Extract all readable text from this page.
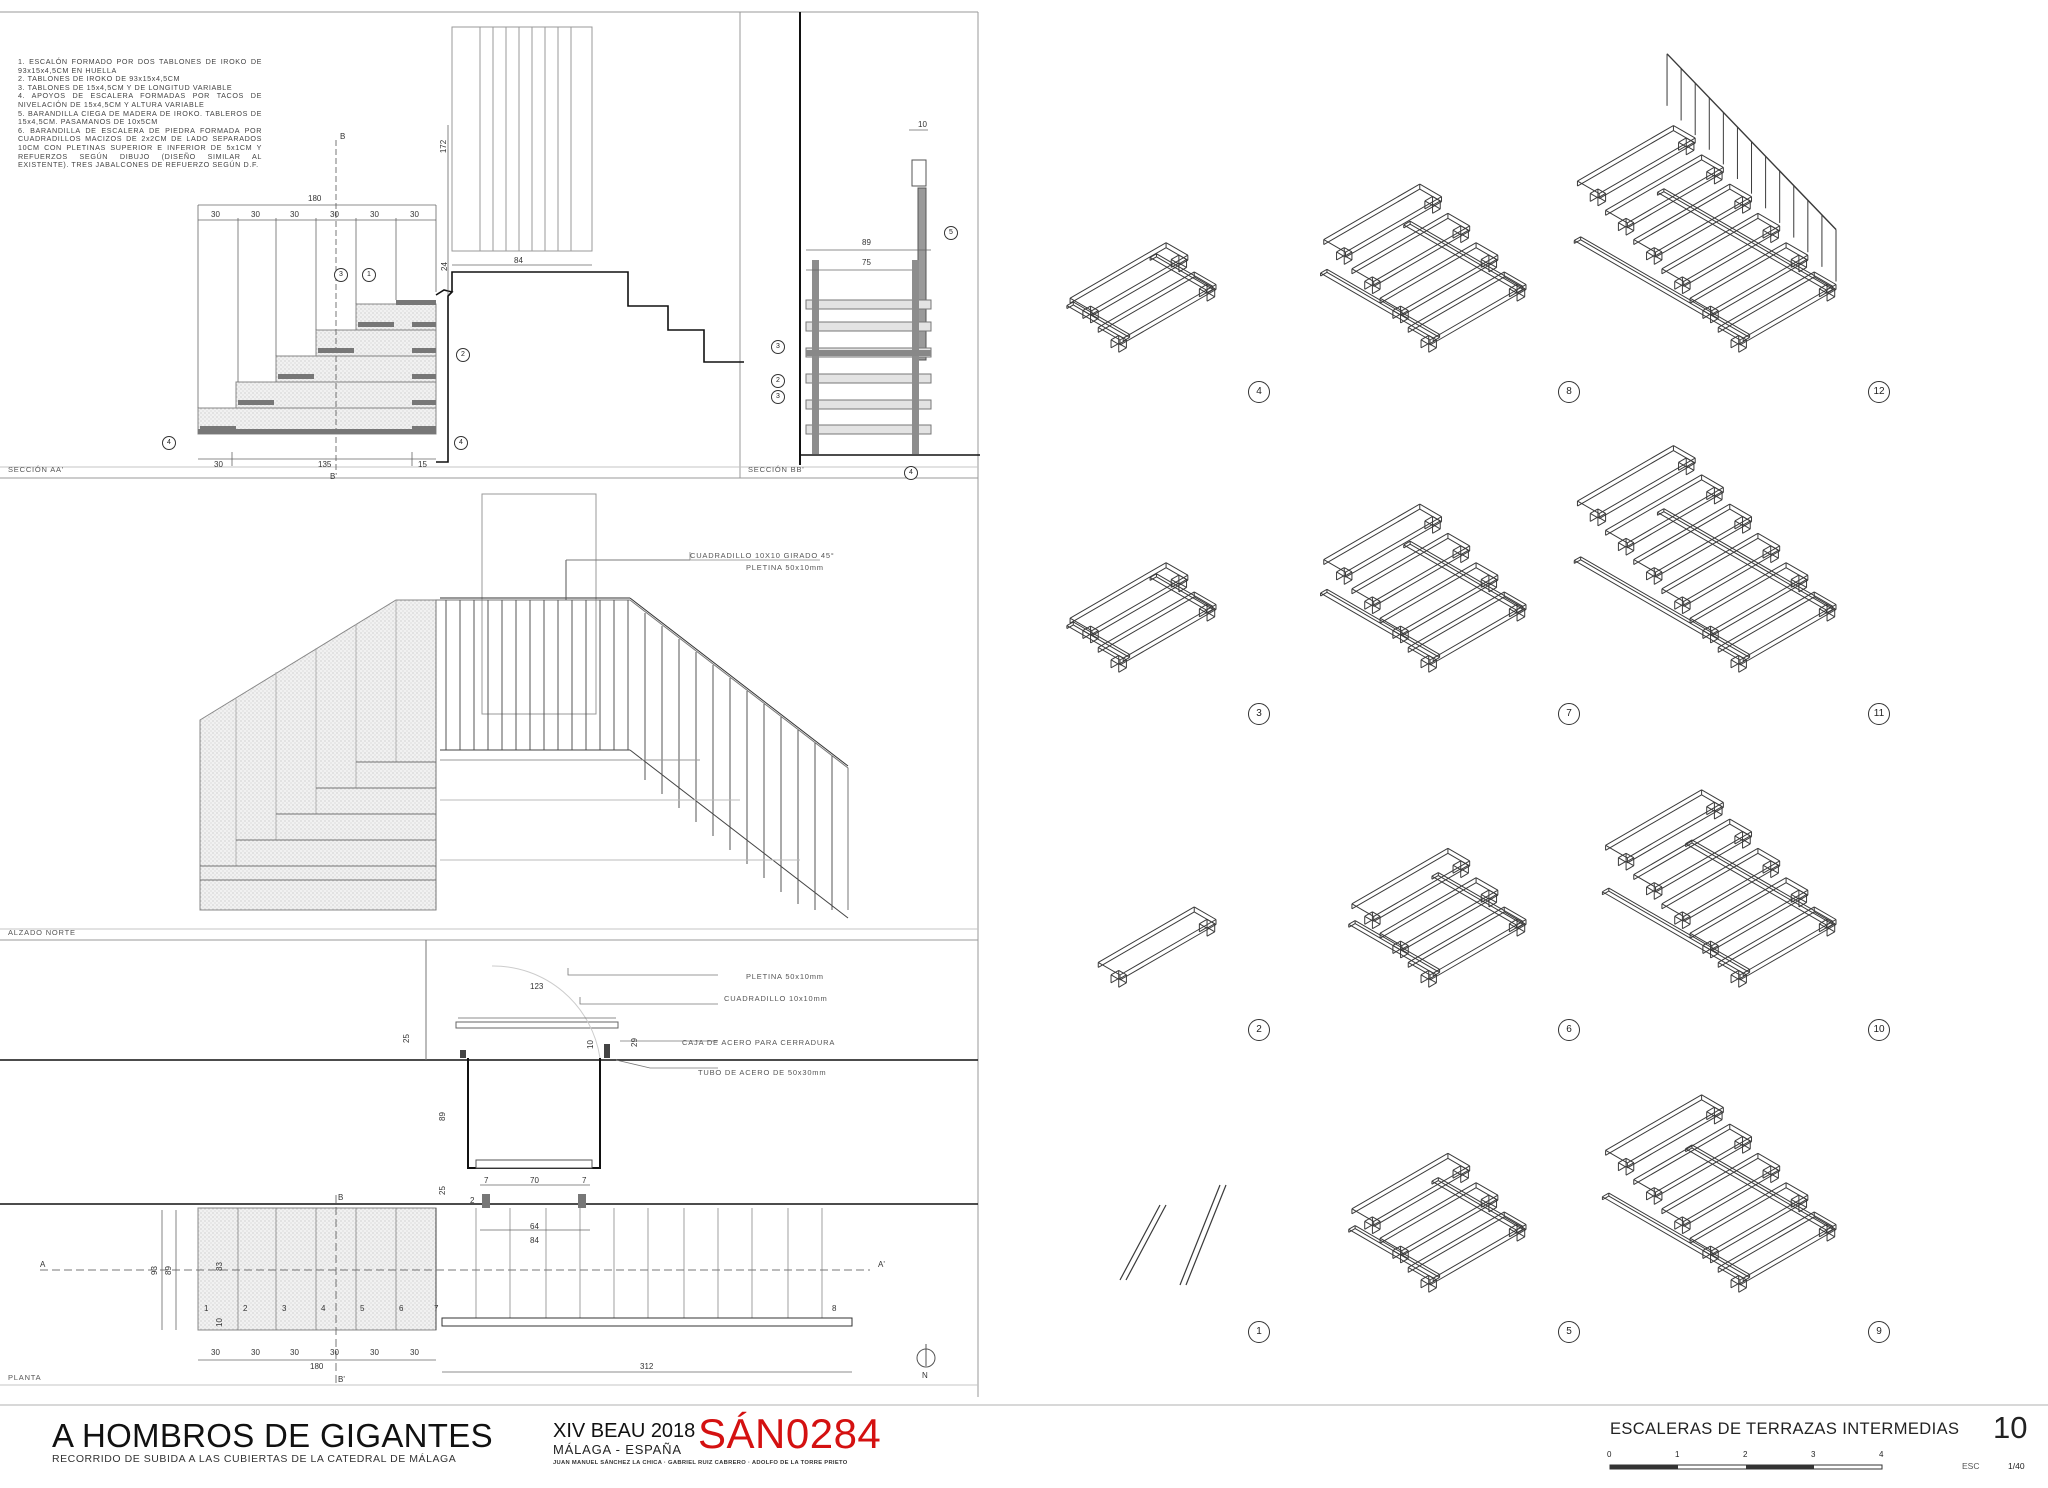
1. ESCALÓN FORMADO POR DOS TABLONES DE IROKO DE 93x15x4,5CM EN HUELLA
2. TABLONES DE IROKO DE 93x15x4,5CM
3. TABLONES DE 15x4,5CM Y DE LONGITUD VARIABLE
4. APOYOS DE ESCALERA FORMADAS POR TACOS DE NIVELACIÓN DE 15x4,5CM Y ALTURA VARIABLE
5. BARANDILLA CIEGA DE MADERA DE IROKO. TABLEROS DE 15x4,5CM. PASAMANOS DE 10x5CM
6. BARANDILLA DE ESCALERA DE PIEDRA FORMADA POR CUADRADILLOS MACIZOS DE 2x2CM DE LADO SEPARADOS 10CM CON PLETINAS SUPERIOR E INFERIOR DE 5x1CM Y REFUERZOS SEGÚN DIBUJO (DISEÑO SIMILAR AL EXISTENTE). TRES JABALCONES DE REFUERZO SEGÚN D.F.
SECCIÓN AA'	SECCIÓN BB'
ALZADO NORTE
PLANTA
180
30	30	30	30	30	30
30	135	15
172
24
84
B
B'
3	1
2
4	4
10
89
75
5
3
2
3
4
CUADRADILLO 10X10 GIRADO 45°
PLETINA 50x10mm
PLETINA 50x10mm
CUADRADILLO 10x10mm
CAJA DE ACERO PARA CERRADURA
TUBO DE ACERO DE 50x30mm
123
25
10	29
89
25
7	70	7
2
64
84
93 89	83
10
1	2	3	4	5	6	7	8
30	30	30	30	30	30
180	312
A	A'
B
B'	N
4	8	12
3	7	11
2	6	10
1	5	9
A HOMBROS DE GIGANTES
RECORRIDO DE SUBIDA A LAS CUBIERTAS DE LA CATEDRAL DE MÁLAGA
XIV BEAU 2018
MÁLAGA - ESPAÑA SÁN0284
JUAN MANUEL SÁNCHEZ LA CHICA · GABRIEL RUIZ CABRERO · ADOLFO DE LA TORRE PRIETO
ESCALERAS DE TERRAZAS INTERMEDIAS 10
ESC	1/40
0	1	2	3	4
